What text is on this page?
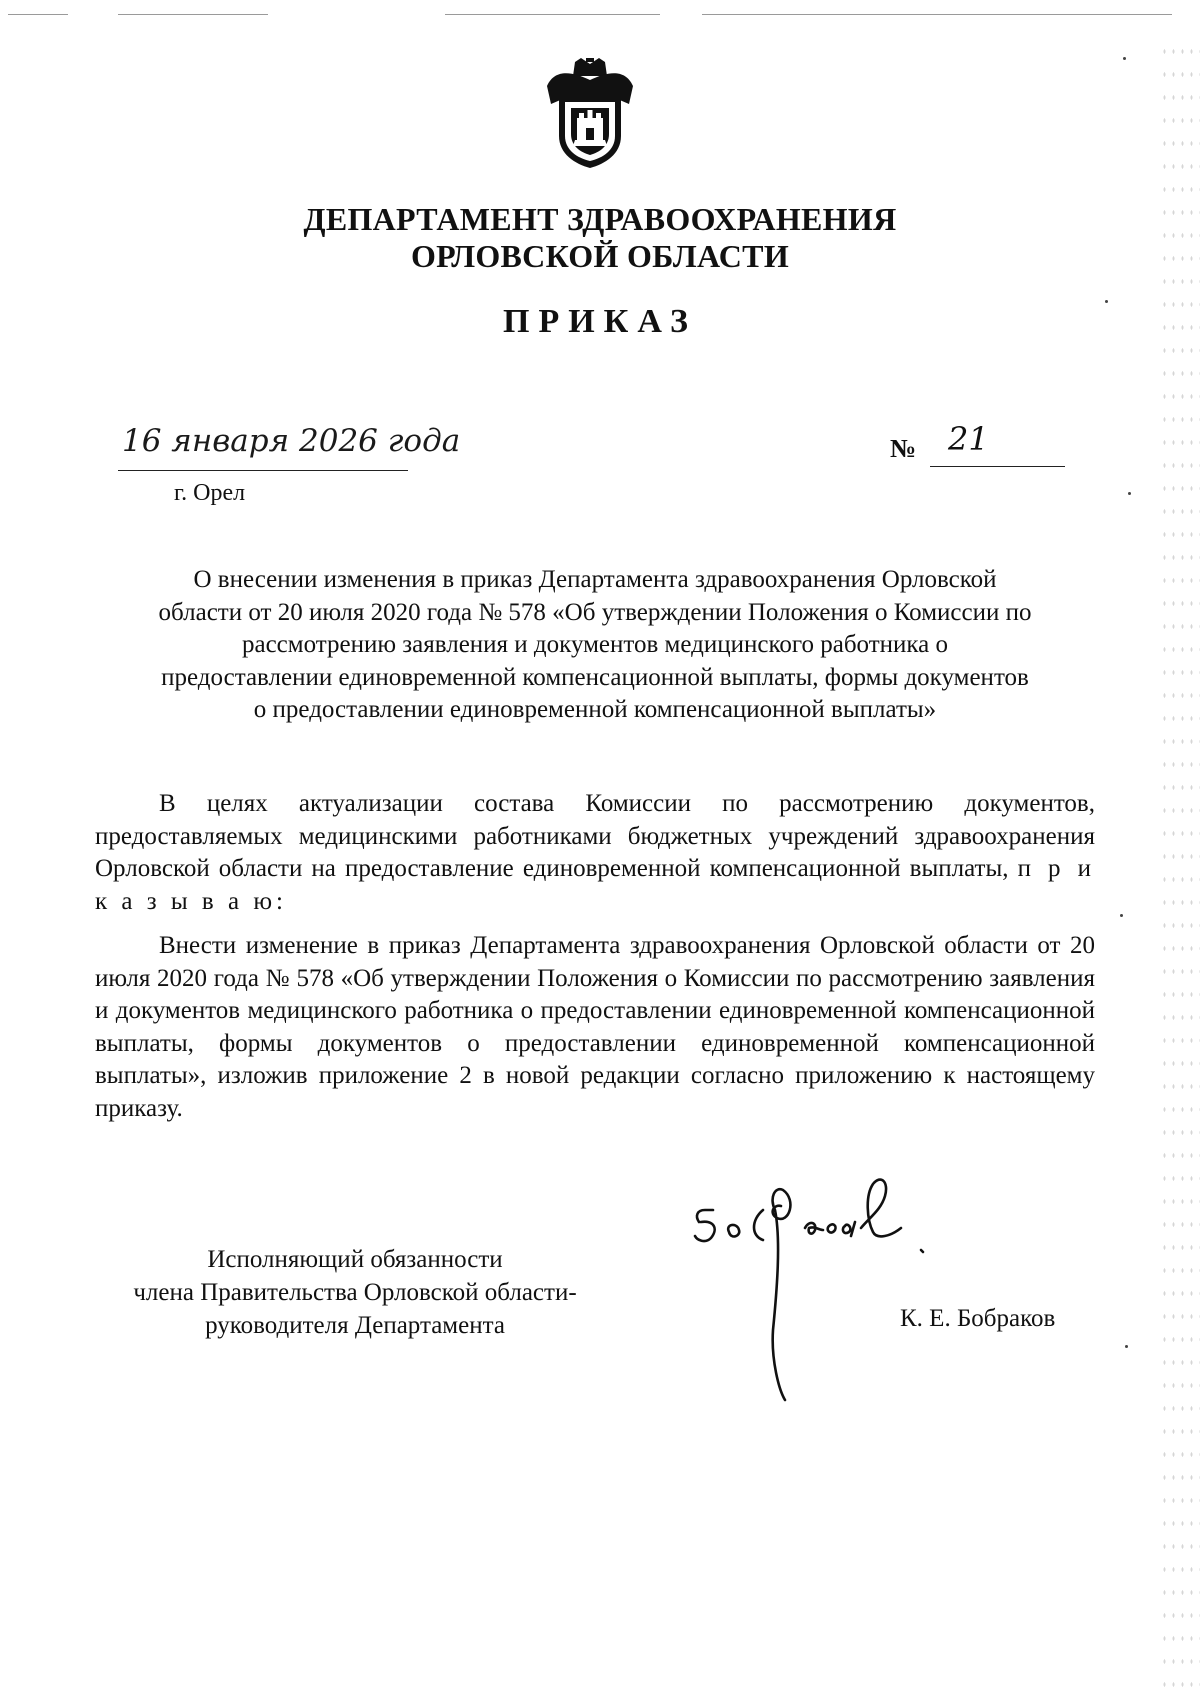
ДЕПАРТАМЕНТ ЗДРАВООХРАНЕНИЯ
ОРЛОВСКОЙ ОБЛАСТИ
ПРИКАЗ
16 января 2026 года
г. Орел
№ 21
О внесении изменения в приказ Департамента здравоохранения Орловской
области от 20 июля 2020 года № 578 «Об утверждении Положения о Комиссии по
рассмотрению заявления и документов медицинского работника о
предоставлении единовременной компенсационной выплаты, формы документов
о предоставлении единовременной компенсационной выплаты»
В целях актуализации состава Комиссии по рассмотрению документов, предоставляемых медицинскими работниками бюджетных учреждений здравоохранения Орловской области на предоставление единовременной компенсационной выплаты, п р и к а з ы в а ю:
Внести изменение в приказ Департамента здравоохранения Орловской области от 20 июля 2020 года № 578 «Об утверждении Положения о Комиссии по рассмотрению заявления и документов медицинского работника о предоставлении единовременной компенсационной выплаты, формы документов о предоставлении единовременной компенсационной выплаты», изложив приложение 2 в новой редакции согласно приложению к настоящему приказу.
Исполняющий обязанности
члена Правительства Орловской области-
руководителя Департамента	К. Е. Бобраков
